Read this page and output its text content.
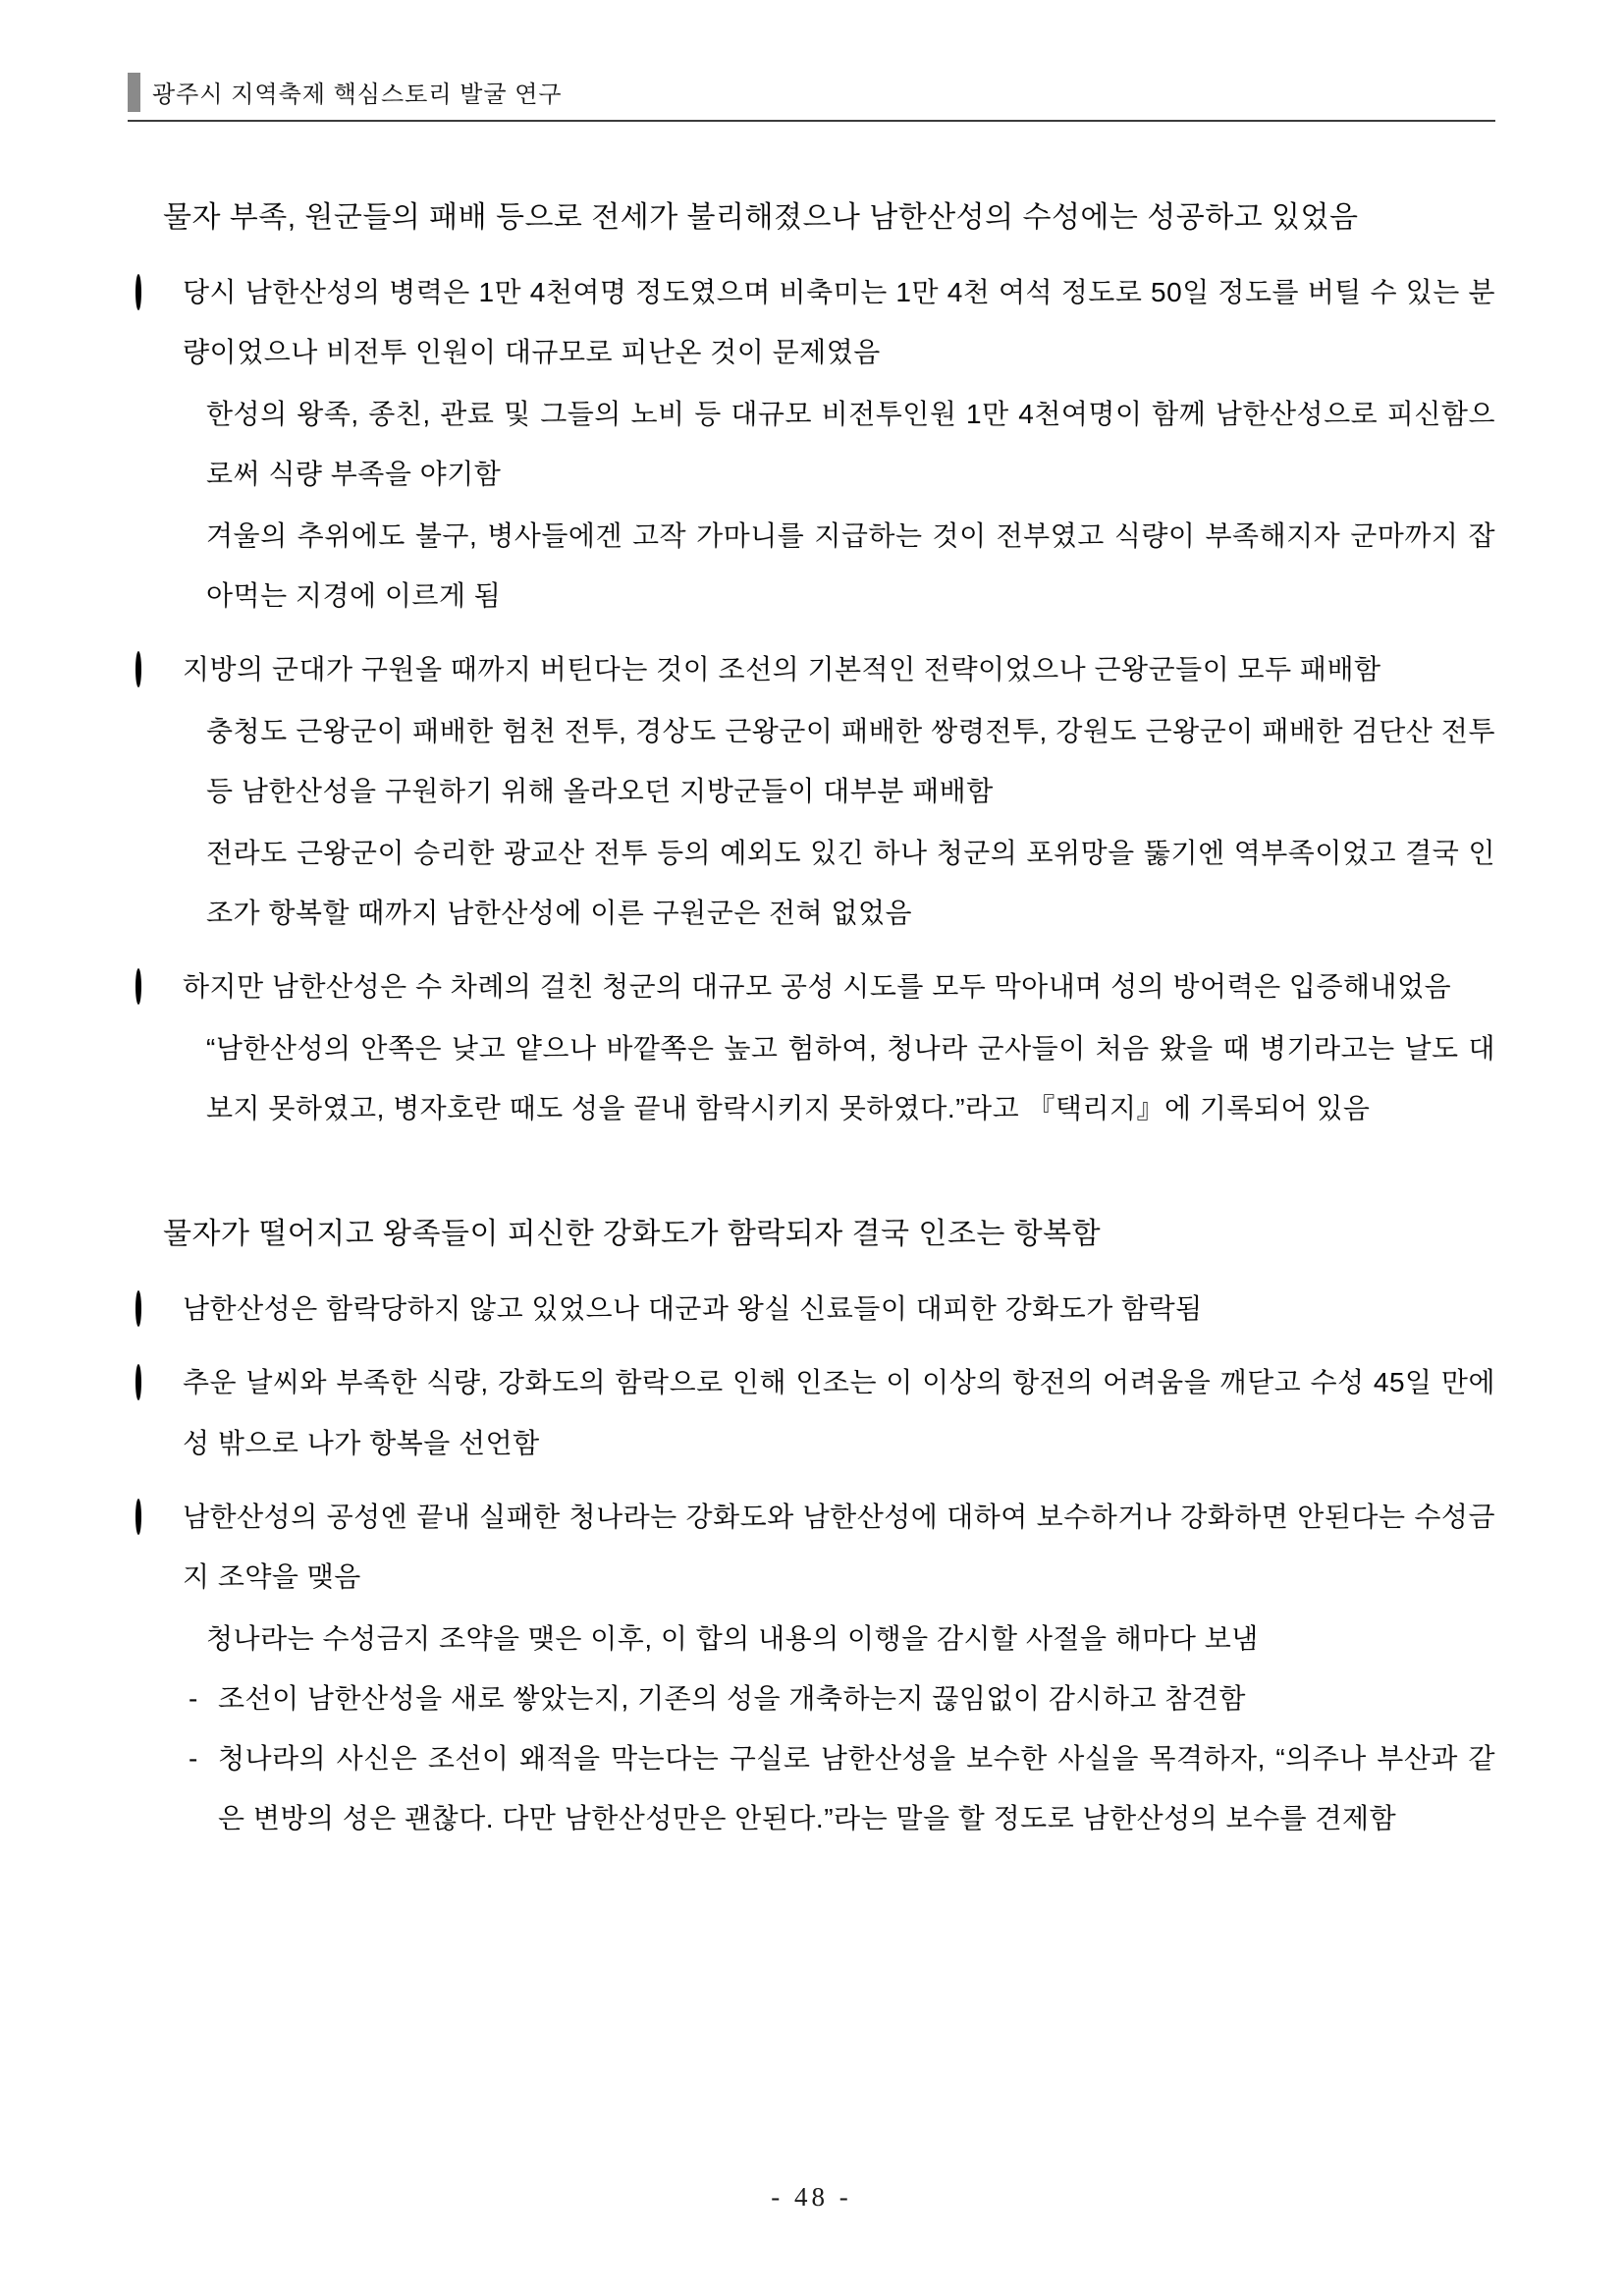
광주시 지역축제 핵심스토리 발굴 연구
물자 부족, 원군들의 패배 등으로 전세가 불리해졌으나 남한산성의 수성에는 성공하고 있었음
당시 남한산성의 병력은 1만 4천여명 정도였으며 비축미는 1만 4천 여석 정도로 50일 정도를 버틸 수 있는 분량이었으나 비전투 인원이 대규모로 피난온 것이 문제였음
한성의 왕족, 종친, 관료 및 그들의 노비 등 대규모 비전투인원 1만 4천여명이 함께 남한산성으로 피신함으로써 식량 부족을 야기함
겨울의 추위에도 불구, 병사들에겐 고작 가마니를 지급하는 것이 전부였고 식량이 부족해지자 군마까지 잡아먹는 지경에 이르게 됨
지방의 군대가 구원올 때까지 버틴다는 것이 조선의 기본적인 전략이었으나 근왕군들이 모두 패배함
충청도 근왕군이 패배한 험천 전투, 경상도 근왕군이 패배한 쌍령전투, 강원도 근왕군이 패배한 검단산 전투 등 남한산성을 구원하기 위해 올라오던 지방군들이 대부분 패배함
전라도 근왕군이 승리한 광교산 전투 등의 예외도 있긴 하나 청군의 포위망을 뚫기엔 역부족이었고 결국 인조가 항복할 때까지 남한산성에 이른 구원군은 전혀 없었음
하지만 남한산성은 수 차례의 걸친 청군의 대규모 공성 시도를 모두 막아내며 성의 방어력은 입증해내었음
“남한산성의 안쪽은 낮고 얕으나 바깥쪽은 높고 험하여, 청나라 군사들이 처음 왔을 때 병기라고는 날도 대보지 못하였고, 병자호란 때도 성을 끝내 함락시키지 못하였다.”라고 『택리지』에 기록되어 있음
물자가 떨어지고 왕족들이 피신한 강화도가 함락되자 결국 인조는 항복함
남한산성은 함락당하지 않고 있었으나 대군과 왕실 신료들이 대피한 강화도가 함락됨
추운 날씨와 부족한 식량, 강화도의 함락으로 인해 인조는 이 이상의 항전의 어려움을 깨닫고 수성 45일 만에 성 밖으로 나가 항복을 선언함
남한산성의 공성엔 끝내 실패한 청나라는 강화도와 남한산성에 대하여 보수하거나 강화하면 안된다는 수성금지 조약을 맺음
청나라는 수성금지 조약을 맺은 이후, 이 합의 내용의 이행을 감시할 사절을 해마다 보냄
- 조선이 남한산성을 새로 쌓았는지, 기존의 성을 개축하는지 끊임없이 감시하고 참견함
- 청나라의 사신은 조선이 왜적을 막는다는 구실로 남한산성을 보수한 사실을 목격하자, “의주나 부산과 같은 변방의 성은 괜찮다. 다만 남한산성만은 안된다.”라는 말을 할 정도로 남한산성의 보수를 견제함
- 48 -
